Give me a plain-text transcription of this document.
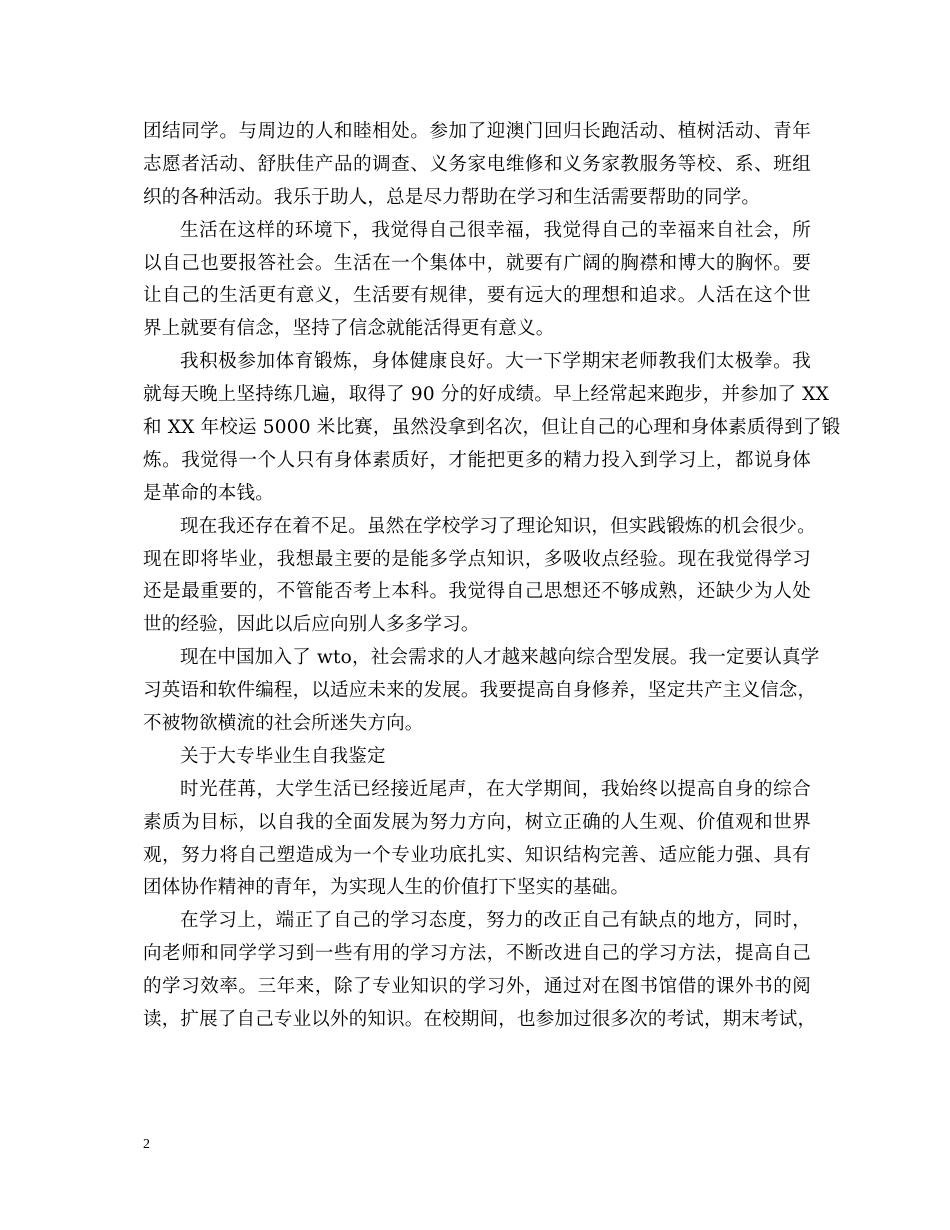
团结同学。与周边的人和睦相处。参加了迎澳门回归长跑活动、植树活动、青年
志愿者活动、舒肤佳产品的调查、义务家电维修和义务家教服务等校、系、班组
织的各种活动。我乐于助人，总是尽力帮助在学习和生活需要帮助的同学。
生活在这样的环境下，我觉得自己很幸福，我觉得自己的幸福来自社会，所
以自己也要报答社会。生活在一个集体中，就要有广阔的胸襟和博大的胸怀。要
让自己的生活更有意义，生活要有规律，要有远大的理想和追求。人活在这个世
界上就要有信念，坚持了信念就能活得更有意义。
我积极参加体育锻炼，身体健康良好。大一下学期宋老师教我们太极拳。我
就每天晚上坚持练几遍，取得了 90 分的好成绩。早上经常起来跑步，并参加了 XX
和 XX 年校运 5000 米比赛，虽然没拿到名次，但让自己的心理和身体素质得到了锻
炼。我觉得一个人只有身体素质好，才能把更多的精力投入到学习上，都说身体
是革命的本钱。
现在我还存在着不足。虽然在学校学习了理论知识，但实践锻炼的机会很少。
现在即将毕业，我想最主要的是能多学点知识，多吸收点经验。现在我觉得学习
还是最重要的，不管能否考上本科。我觉得自己思想还不够成熟，还缺少为人处
世的经验，因此以后应向别人多多学习。
现在中国加入了 wto，社会需求的人才越来越向综合型发展。我一定要认真学
习英语和软件编程，以适应未来的发展。我要提高自身修养，坚定共产主义信念，
不被物欲横流的社会所迷失方向。
关于大专毕业生自我鉴定
时光荏苒，大学生活已经接近尾声，在大学期间，我始终以提高自身的综合
素质为目标，以自我的全面发展为努力方向，树立正确的人生观、价值观和世界
观，努力将自己塑造成为一个专业功底扎实、知识结构完善、适应能力强、具有
团体协作精神的青年，为实现人生的价值打下坚实的基础。
在学习上，端正了自己的学习态度，努力的改正自己有缺点的地方，同时，
向老师和同学学习到一些有用的学习方法，不断改进自己的学习方法，提高自己
的学习效率。三年来，除了专业知识的学习外，通过对在图书馆借的课外书的阅
读，扩展了自己专业以外的知识。在校期间，也参加过很多次的考试，期末考试，
2
